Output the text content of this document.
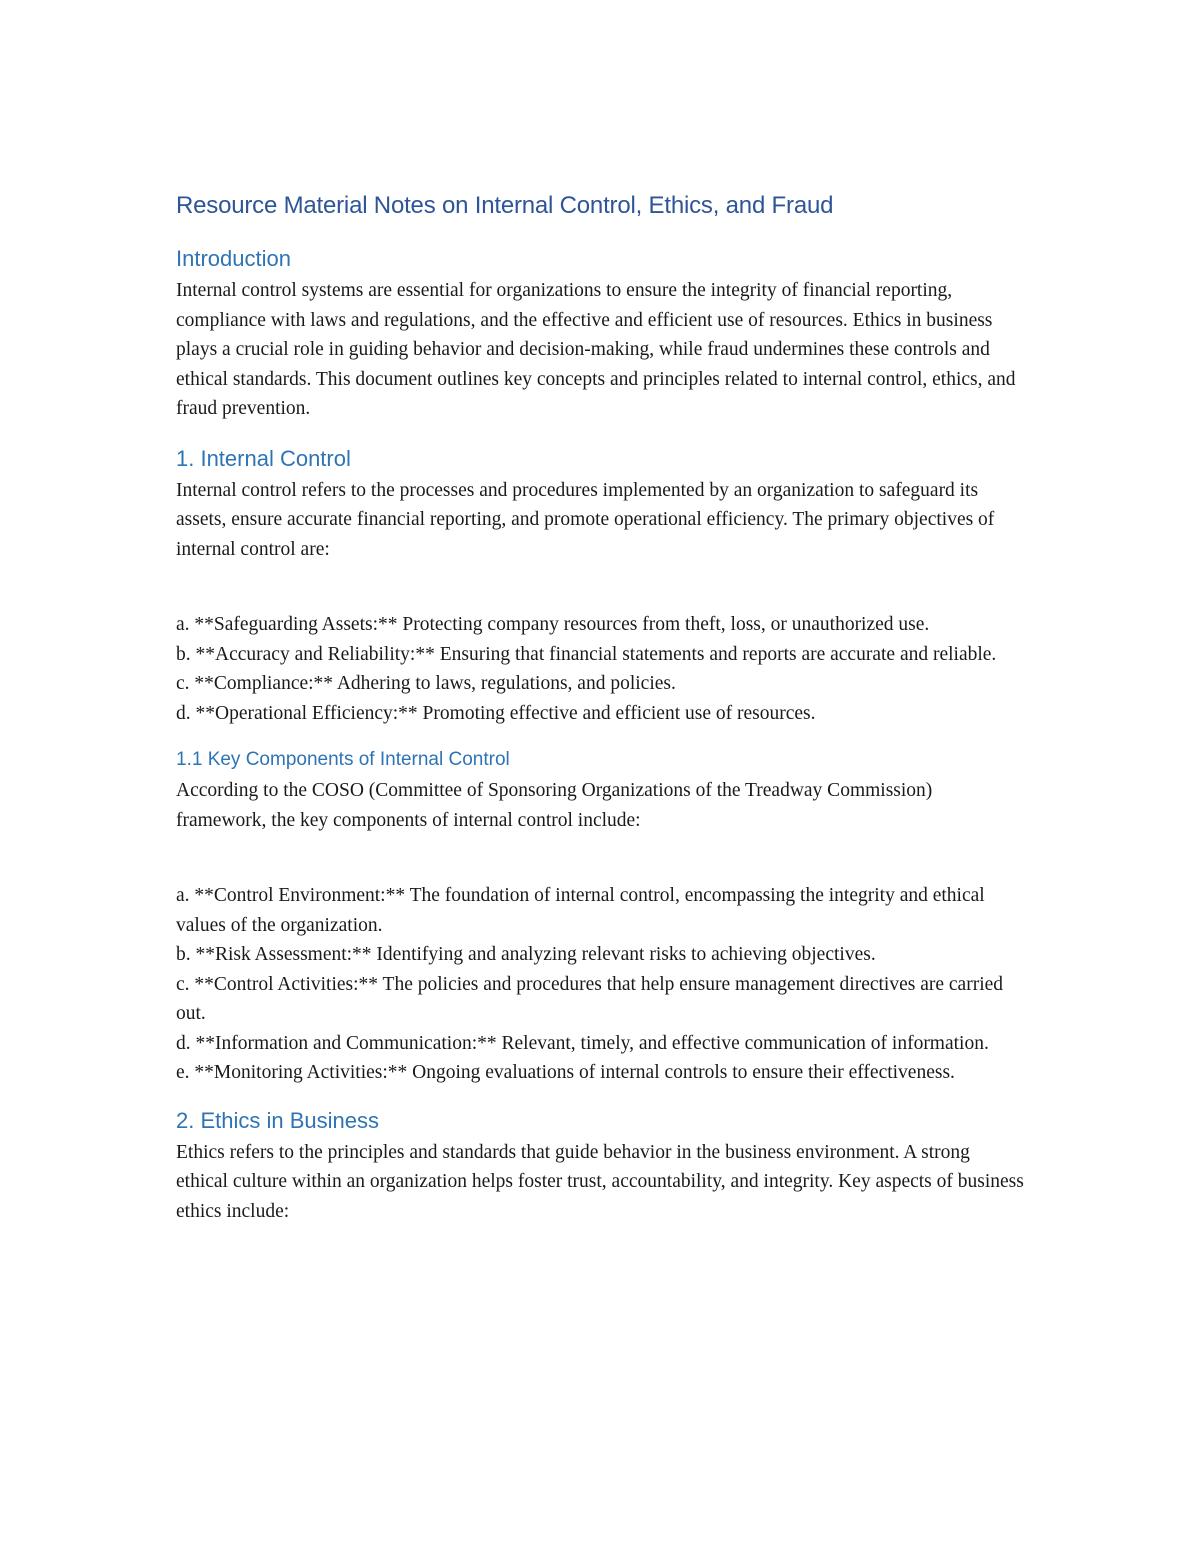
Resource Material Notes on Internal Control, Ethics, and Fraud
Introduction

Internal control systems are essential for organizations to ensure the integrity of financial reporting, compliance with laws and regulations, and the effective and efficient use of resources. Ethics in business plays a crucial role in guiding behavior and decision-making, while fraud undermines these controls and ethical standards. This document outlines key concepts and principles related to internal control, ethics, and fraud prevention.

1. Internal Control

Internal control refers to the processes and procedures implemented by an organization to safeguard its assets, ensure accurate financial reporting, and promote operational efficiency. The primary objectives of internal control are:

a. **Safeguarding Assets:** Protecting company resources from theft, loss, or unauthorized use.
b. **Accuracy and Reliability:** Ensuring that financial statements and reports are accurate and reliable.
c. **Compliance:** Adhering to laws, regulations, and policies.
d. **Operational Efficiency:** Promoting effective and efficient use of resources.
1.1 Key Components of Internal Control

According to the COSO (Committee of Sponsoring Organizations of the Treadway Commission) framework, the key components of internal control include:

a. **Control Environment:** The foundation of internal control, encompassing the integrity and ethical values of the organization.
b. **Risk Assessment:** Identifying and analyzing relevant risks to achieving objectives.
c. **Control Activities:** The policies and procedures that help ensure management directives are carried out.
d. **Information and Communication:** Relevant, timely, and effective communication of information.
e. **Monitoring Activities:** Ongoing evaluations of internal controls to ensure their effectiveness.
2. Ethics in Business

Ethics refers to the principles and standards that guide behavior in the business environment. A strong ethical culture within an organization helps foster trust, accountability, and integrity. Key aspects of business ethics include:
